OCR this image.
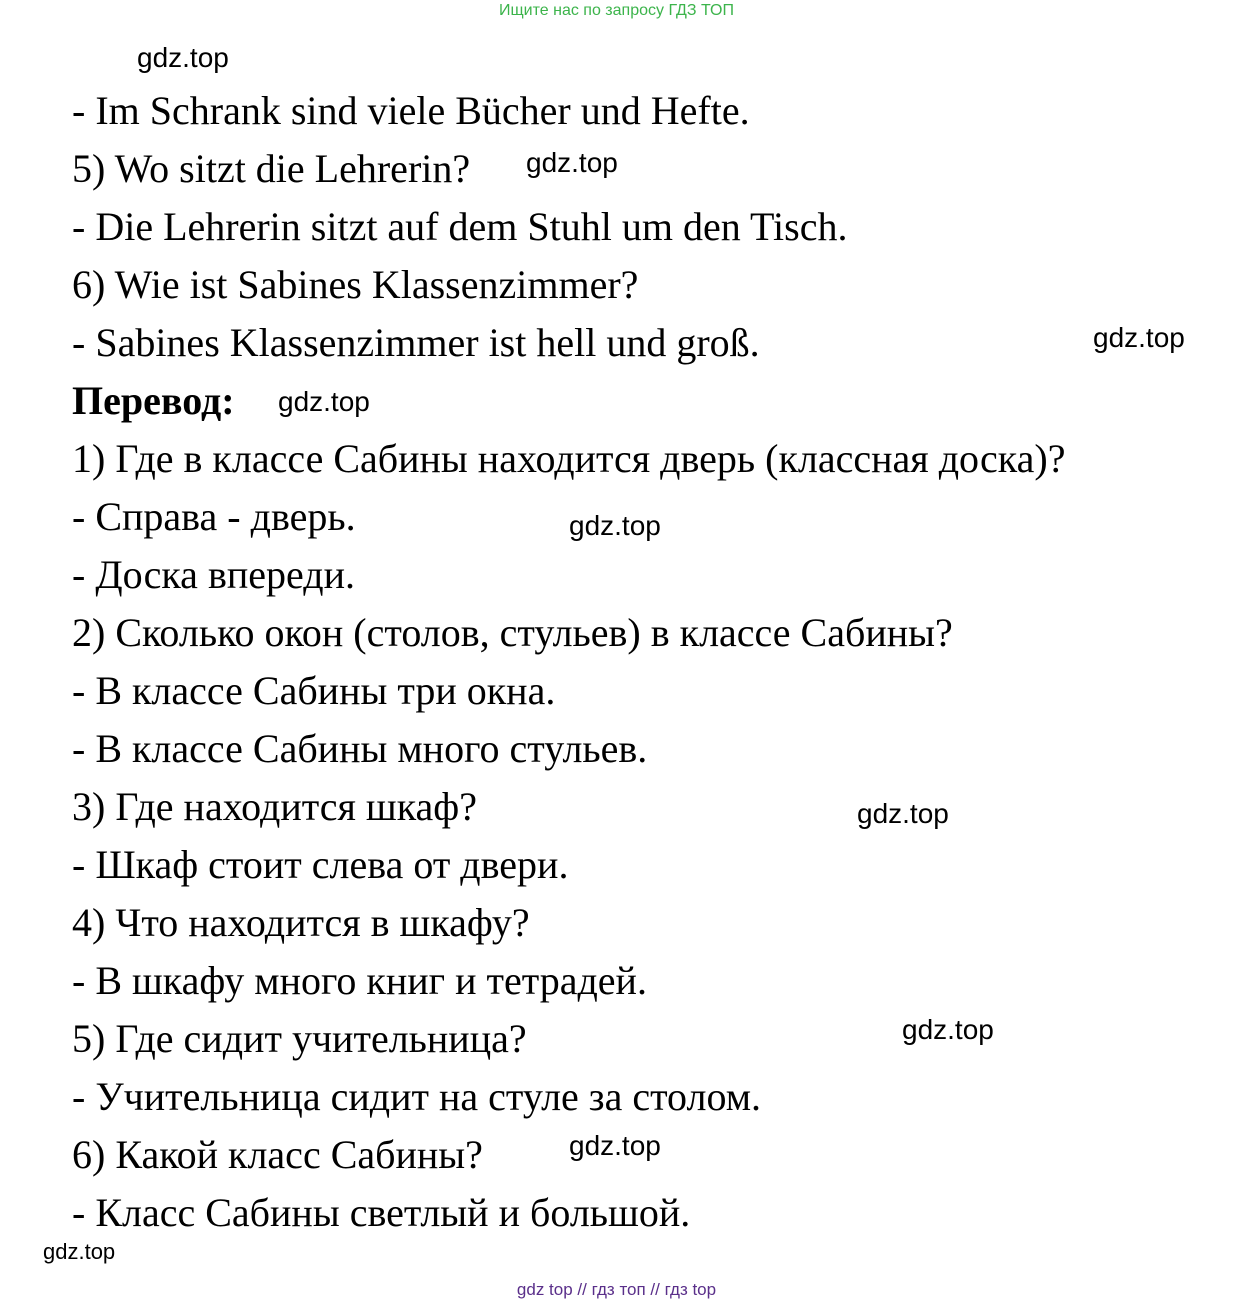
Ищите нас по запросу ГДЗ ТОП
- Im Schrank sind viele Bücher und Hefte.
5) Wo sitzt die Lehrerin?
- Die Lehrerin sitzt auf dem Stuhl um den Tisch.
6) Wie ist Sabines Klassenzimmer?
- Sabines Klassenzimmer ist hell und groß.
Перевод:
1) Где в классе Сабины находится дверь (классная доска)?
- Справа - дверь.
- Доска впереди.
2) Сколько окон (столов, стульев) в классе Сабины?
- В классе Сабины три окна.
- В классе Сабины много стульев.
3) Где находится шкаф?
- Шкаф стоит слева от двери.
4) Что находится в шкафу?
- В шкафу много книг и тетрадей.
5) Где сидит учительница?
- Учительница сидит на стуле за столом.
6) Какой класс Сабины?
- Класс Сабины светлый и большой.
gdz.top
gdz.top
gdz.top
gdz.top
gdz.top
gdz.top
gdz.top
gdz.top
gdz.top
gdz top // гдз топ // гдз top
